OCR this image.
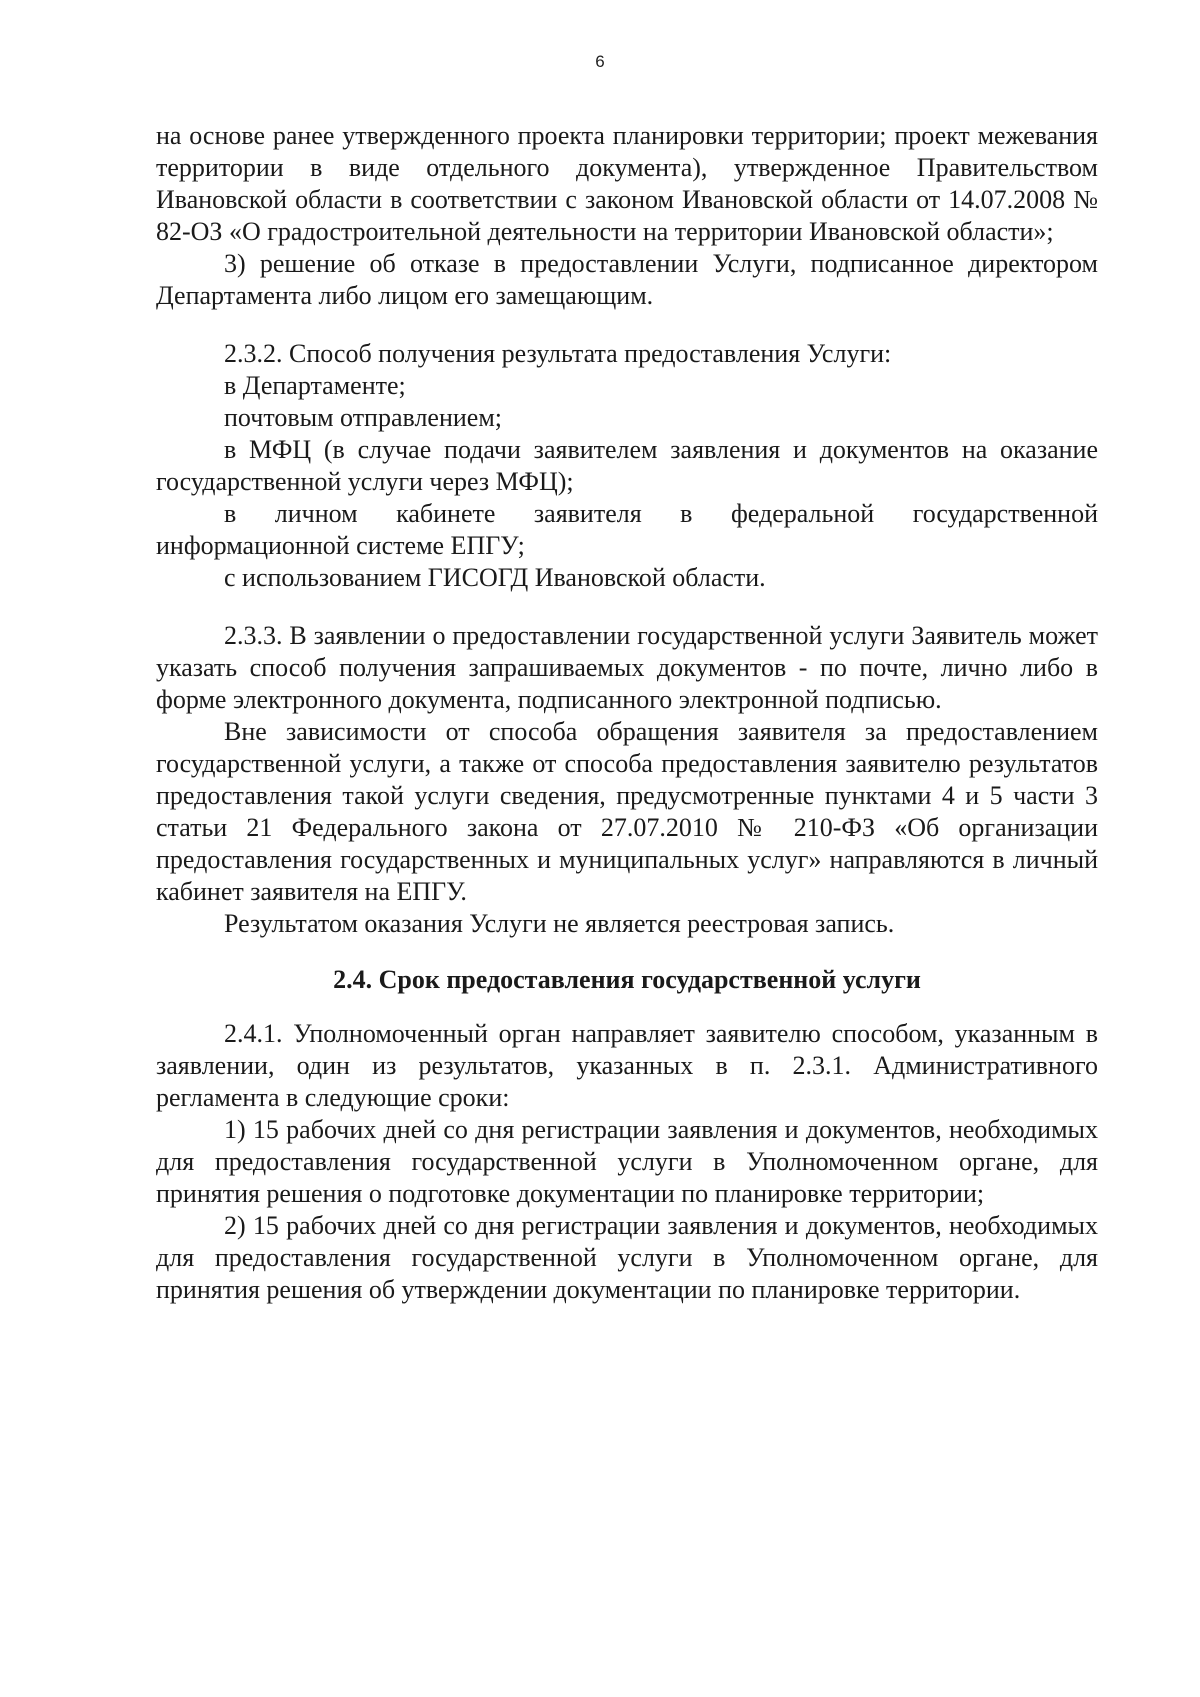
6

на основе ранее утвержденного проекта планировки территории; проект межевания территории в виде отдельного документа), утвержденное Правительством Ивановской области в соответствии с законом Ивановской области от 14.07.2008 № 82-ОЗ «О градостроительной деятельности на территории Ивановской области»;

3) решение об отказе в предоставлении Услуги, подписанное директором Департамента либо лицом его замещающим.

2.3.2. Способ получения результата предоставления Услуги:

в Департаменте;

почтовым отправлением;

в МФЦ (в случае подачи заявителем заявления и документов на оказание государственной услуги через МФЦ);

в личном кабинете заявителя в федеральной государственной информационной системе ЕПГУ;

с использованием ГИСОГД Ивановской области.

2.3.3. В заявлении о предоставлении государственной услуги Заявитель может указать способ получения запрашиваемых документов - по почте, лично либо в форме электронного документа, подписанного электронной подписью.

Вне зависимости от способа обращения заявителя за предоставлением государственной услуги, а также от способа предоставления заявителю результатов предоставления такой услуги сведения, предусмотренные пунктами 4 и 5 части 3 статьи 21 Федерального закона от 27.07.2010 № 210-ФЗ «Об организации предоставления государственных и муниципальных услуг» направляются в личный кабинет заявителя на ЕПГУ.

Результатом оказания Услуги не является реестровая запись.

2.4. Срок предоставления государственной услуги

2.4.1. Уполномоченный орган направляет заявителю способом, указанным в заявлении, один из результатов, указанных в п. 2.3.1. Административного регламента в следующие сроки:

1) 15 рабочих дней со дня регистрации заявления и документов, необходимых для предоставления государственной услуги в Уполномоченном органе, для принятия решения о подготовке документации по планировке территории;

2) 15 рабочих дней со дня регистрации заявления и документов, необходимых для предоставления государственной услуги в Уполномоченном органе, для принятия решения об утверждении документации по планировке территории.
